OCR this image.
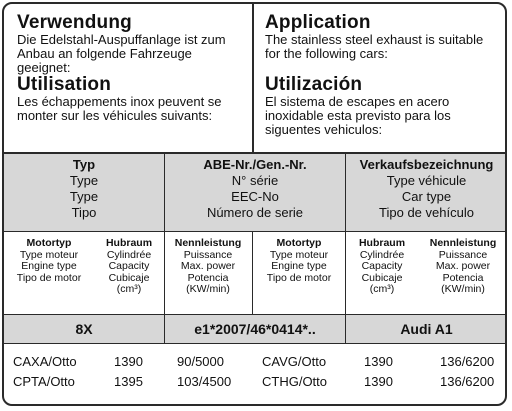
Verwendung

Die Edelstahl-Auspuffanlage ist zum

Anbau an folgende Fahrzeuge geeignet:

Utilisation

Les échappements inox peuvent se

monter sur les véhicules suivants:

Application

The stainless steel exhaust is suitable

for the following cars:

Utilización

El sistema de escapes en acero

inoxidable esta previsto para los

siguentes vehiculos:

Typ
Type
Type
Tipo
ABE-Nr./Gen.-Nr.
N° série
EEC-No
Número de serie
Verkaufsbezeichnung
Type véhicule
Car type
Tipo de vehículo
Motortyp
Type moteur
Engine type
Tipo de motor
Hubraum
Cylindrée
Capacity
Cubicaje
(cm³)
Nennleistung
Puissance
Max. power
Potencia
(KW/min)
Motortyp
Type moteur
Engine type
Tipo de motor
Hubraum
Cylindrée
Capacity
Cubicaje
(cm³)
Nennleistung
Puissance
Max. power
Potencia
(KW/min)
8X	e1*2007/46*0414*..	Audi A1
CAXA/Otto
CPTA/Otto
1390
1395
90/5000
103/4500
CAVG/Otto
CTHG/Otto
1390
1390
136/6200
136/6200
